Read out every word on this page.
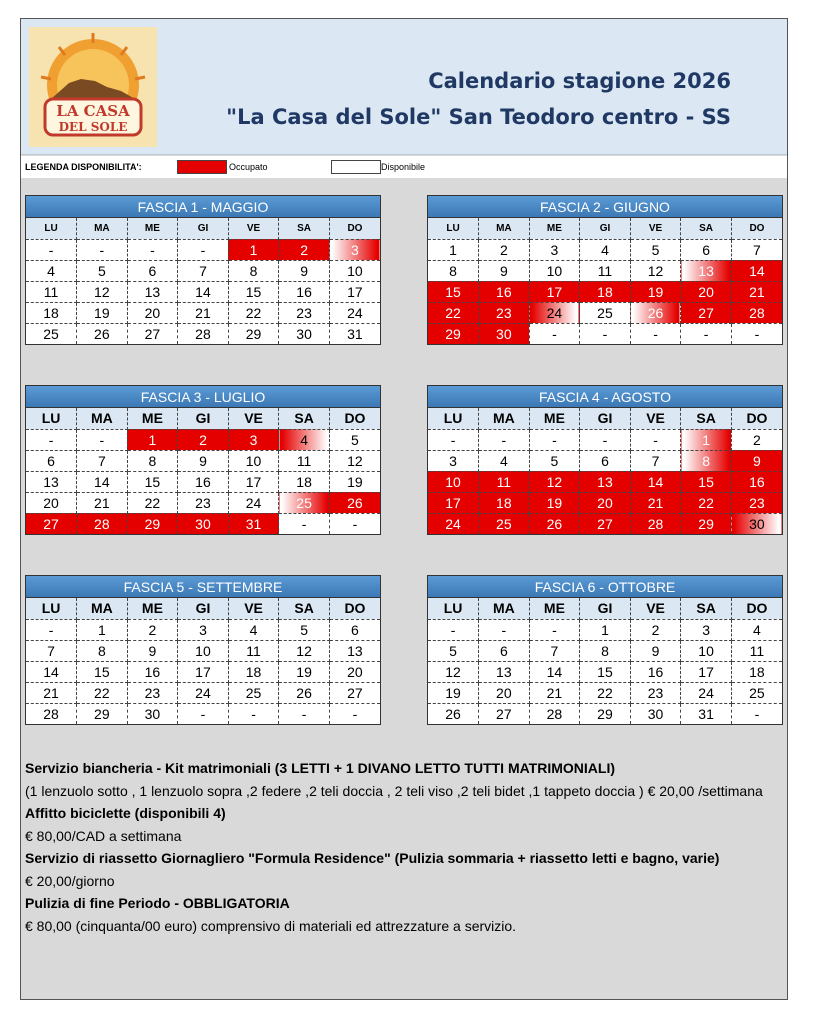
LA CASA
DEL SOLE
Calendario stagione 2026
"La Casa del Sole" San Teodoro centro - SS
LEGENDA DISPONIBILITA':	Occupato	Disponibile
FASCIA 1 - MAGGIO
LU	MA	ME	GI	VE	SA	DO
-	-	-	-	1	2	3
4	5	6	7	8	9	10
11	12	13	14	15	16	17
18	19	20	21	22	23	24
25	26	27	28	29	30	31
FASCIA 2 - GIUGNO
LU	MA	ME	GI	VE	SA	DO
1	2	3	4	5	6	7
8	9	10	11	12	13	14
15	16	17	18	19	20	21
22	23	24	25	26	27	28
29	30	-	-	-	-	-
FASCIA 3 - LUGLIO
LU	MA	ME	GI	VE	SA	DO
-	-	1	2	3	4	5
6	7	8	9	10	11	12
13	14	15	16	17	18	19
20	21	22	23	24	25	26
27	28	29	30	31	-	-
FASCIA 4 - AGOSTO
LU	MA	ME	GI	VE	SA	DO
-	-	-	-	-	1	2
3	4	5	6	7	8	9
10	11	12	13	14	15	16
17	18	19	20	21	22	23
24	25	26	27	28	29	30
FASCIA 5 - SETTEMBRE
LU	MA	ME	GI	VE	SA	DO
-	1	2	3	4	5	6
7	8	9	10	11	12	13
14	15	16	17	18	19	20
21	22	23	24	25	26	27
28	29	30	-	-	-	-
FASCIA 6 - OTTOBRE
LU	MA	ME	GI	VE	SA	DO
-	-	-	1	2	3	4
5	6	7	8	9	10	11
12	13	14	15	16	17	18
19	20	21	22	23	24	25
26	27	28	29	30	31	-
Servizio biancheria - Kit matrimoniali (3 LETTI + 1 DIVANO LETTO TUTTI MATRIMONIALI)
(1 lenzuolo sotto , 1 lenzuolo sopra ,2 federe ,2 teli doccia , 2 teli viso ,2 teli bidet ,1 tappeto doccia ) € 20,00 /settimana
Affitto biciclette (disponibili 4)
€ 80,00/CAD a settimana
Servizio di riassetto Giornagliero "Formula Residence" (Pulizia sommaria + riassetto letti e bagno, varie)
€ 20,00/giorno
Pulizia di fine Periodo - OBBLIGATORIA
€ 80,00 (cinquanta/00 euro) comprensivo di materiali ed attrezzature a servizio.
